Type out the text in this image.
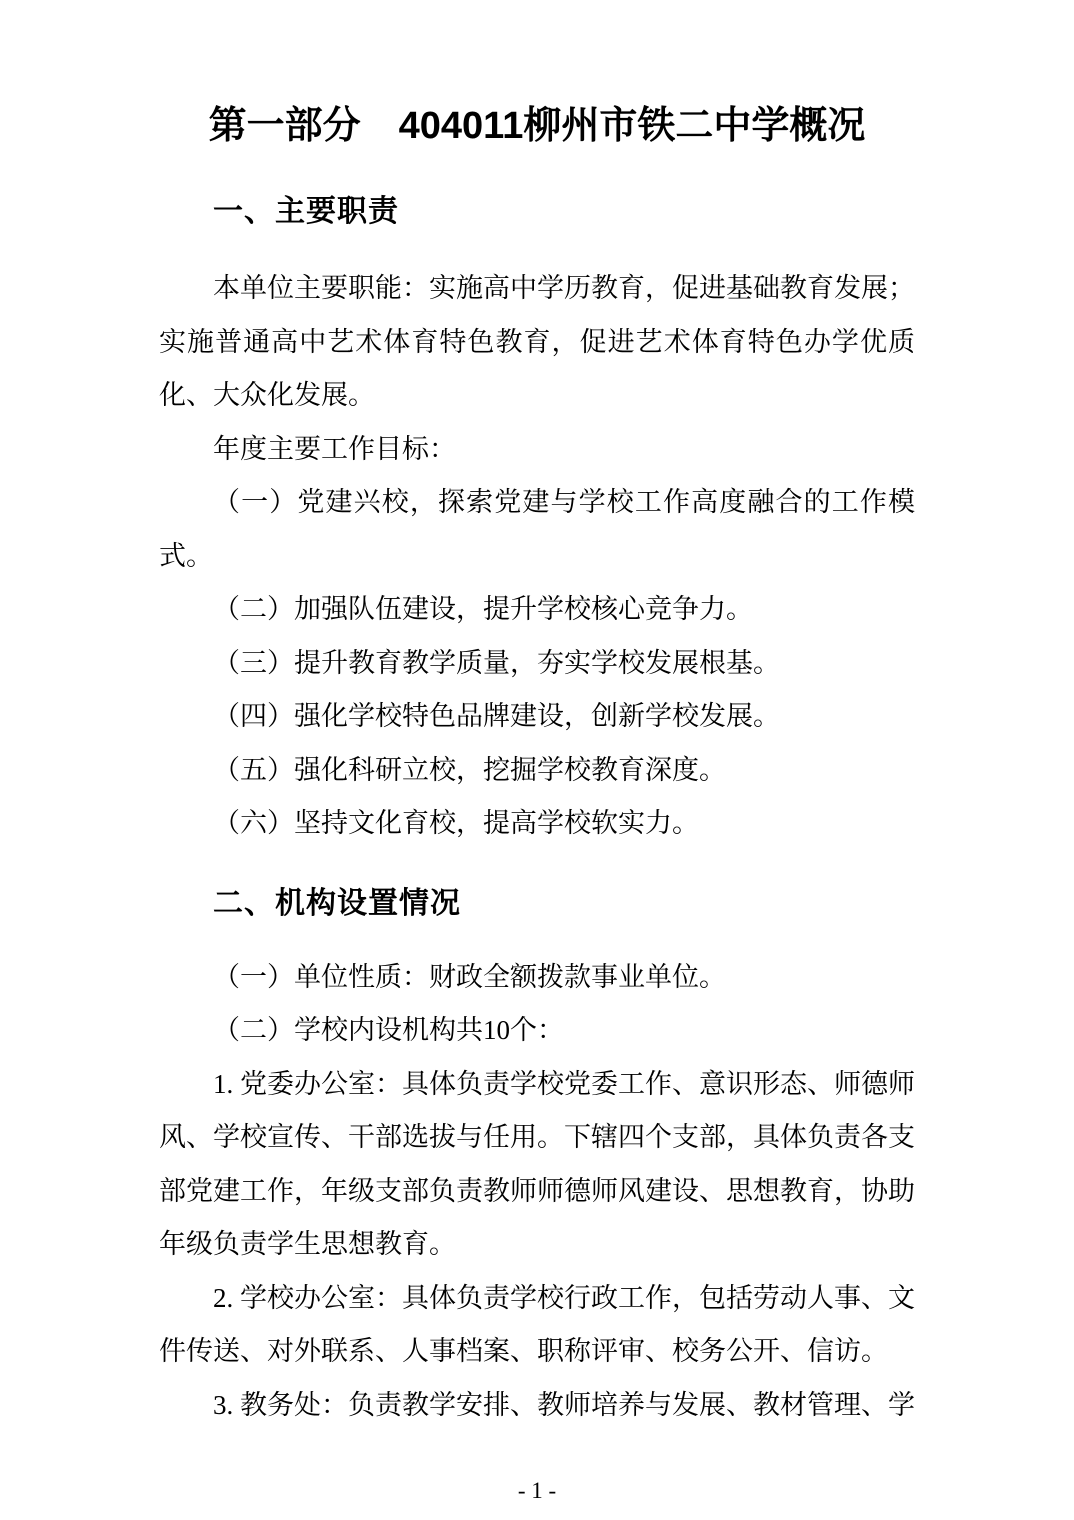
第一部分　404011柳州市铁二中学概况
一、主要职责

本单位主要职能：实施高中学历教育，促进基础教育发展；实施普通高中艺术体育特色教育，促进艺术体育特色办学优质化、大众化发展。

年度主要工作目标：

（一）党建兴校，探索党建与学校工作高度融合的工作模式。

（二）加强队伍建设，提升学校核心竞争力。

（三）提升教育教学质量，夯实学校发展根基。

（四）强化学校特色品牌建设，创新学校发展。

（五）强化科研立校，挖掘学校教育深度。

（六）坚持文化育校，提高学校软实力。

二、机构设置情况

（一）单位性质：财政全额拨款事业单位。

（二）学校内设机构共10个：

1. 党委办公室：具体负责学校党委工作、意识形态、师德师风、学校宣传、干部选拔与任用。下辖四个支部，具体负责各支部党建工作，年级支部负责教师师德师风建设、思想教育，协助年级负责学生思想教育。

2. 学校办公室：具体负责学校行政工作，包括劳动人事、文件传送、对外联系、人事档案、职称评审、校务公开、信访。

3. 教务处：负责教学安排、教师培养与发展、教材管理、学

- 1 -
